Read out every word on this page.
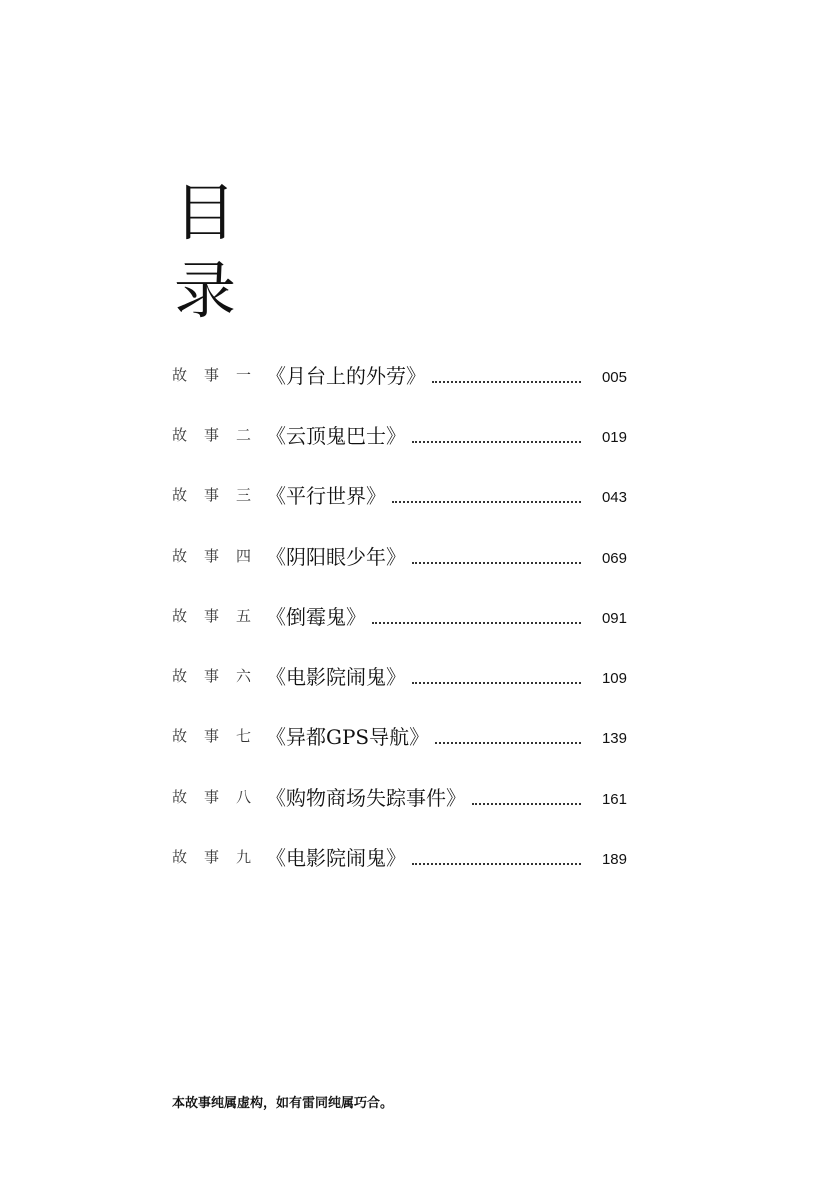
目
录
故	事	一 《月台上的外劳》	005
故	事	二 《云顶鬼巴士》	019
故	事	三 《平行世界》	043
故	事	四 《阴阳眼少年》	069
故	事	五 《倒霉鬼》	091
故	事	六 《电影院闹鬼》	109
故	事	七 《异都GPS导航》	139
故	事	八 《购物商场失踪事件》	161
故	事	九 《电影院闹鬼》	189
本故事纯属虚构，如有雷同纯属巧合。
